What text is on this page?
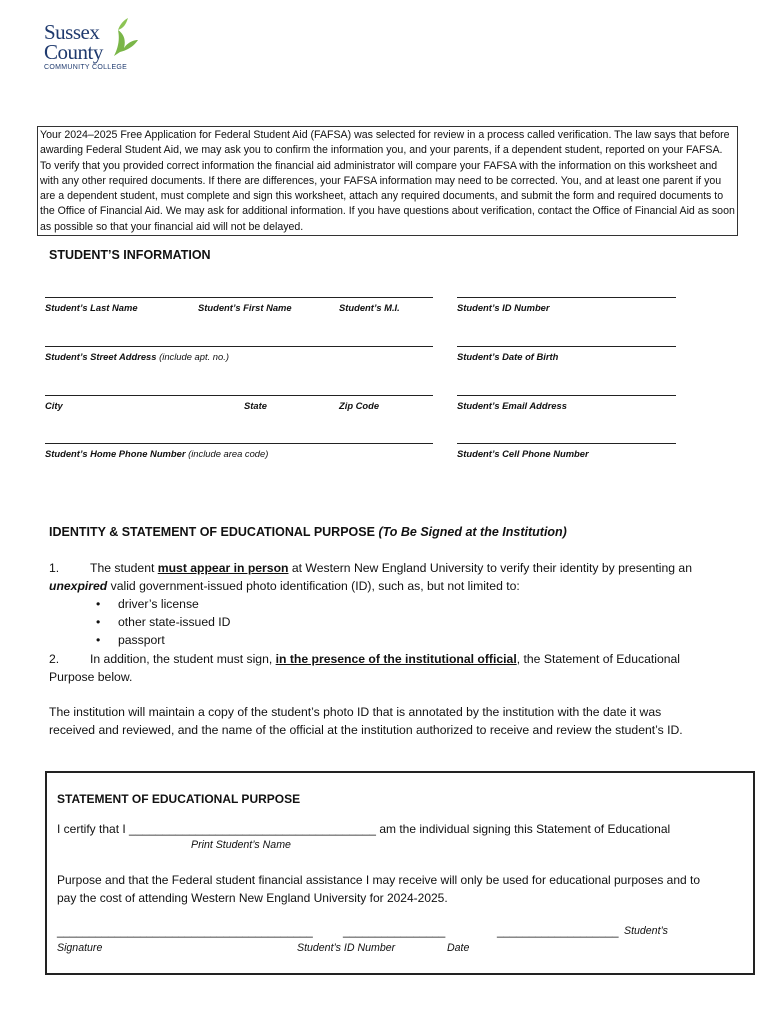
Sussex
County
COMMUNITY COLLEGE
Your 2024–2025 Free Application for Federal Student Aid (FAFSA) was selected for review in a process called verification. The law says that before awarding Federal Student Aid, we may ask you to confirm the information you, and your parents, if a dependent student, reported on your FAFSA. To verify that you provided correct information the financial aid administrator will compare your FAFSA with the information on this worksheet and with any other required documents. If there are differences, your FAFSA information may need to be corrected. You, and at least one parent if you are a dependent student, must complete and sign this worksheet, attach any required documents, and submit the form and required documents to the Office of Financial Aid. We may ask for additional information. If you have questions about verification, contact the Office of Financial Aid as soon as possible so that your financial aid will not be delayed.
STUDENT’S INFORMATION
Student’s Last Name	Student’s First Name	Student’s M.I.	Student’s ID Number
Student’s Street Address (include apt. no.)	Student’s Date of Birth
City	State	Zip Code	Student’s Email Address
Student’s Home Phone Number (include area code)	Student’s Cell Phone Number
IDENTITY & STATEMENT OF EDUCATIONAL PURPOSE (To Be Signed at the Institution)
1.	The student must appear in person at Western New England University to verify their identity by presenting an
unexpired valid government-issued photo identification (ID), such as, but not limited to:
• driver’s license
• other state-issued ID
• passport
2.	In addition, the student must sign, in the presence of the institutional official, the Statement of Educational
Purpose below.
The institution will maintain a copy of the student’s photo ID that is annotated by the institution with the date it was
received and reviewed, and the name of the official at the institution authorized to receive and review the student’s ID.
STATEMENT OF EDUCATIONAL PURPOSE
I certify that I _____________________________________ am the individual signing this Statement of Educational
Print Student’s Name
Purpose and that the Federal student financial assistance I may receive will only be used for educational purposes and to
pay the cost of attending Western New England University for 2024-2025.
________________________________________	________________	___________________ Student’s
Signature	Student’s ID Number	Date
